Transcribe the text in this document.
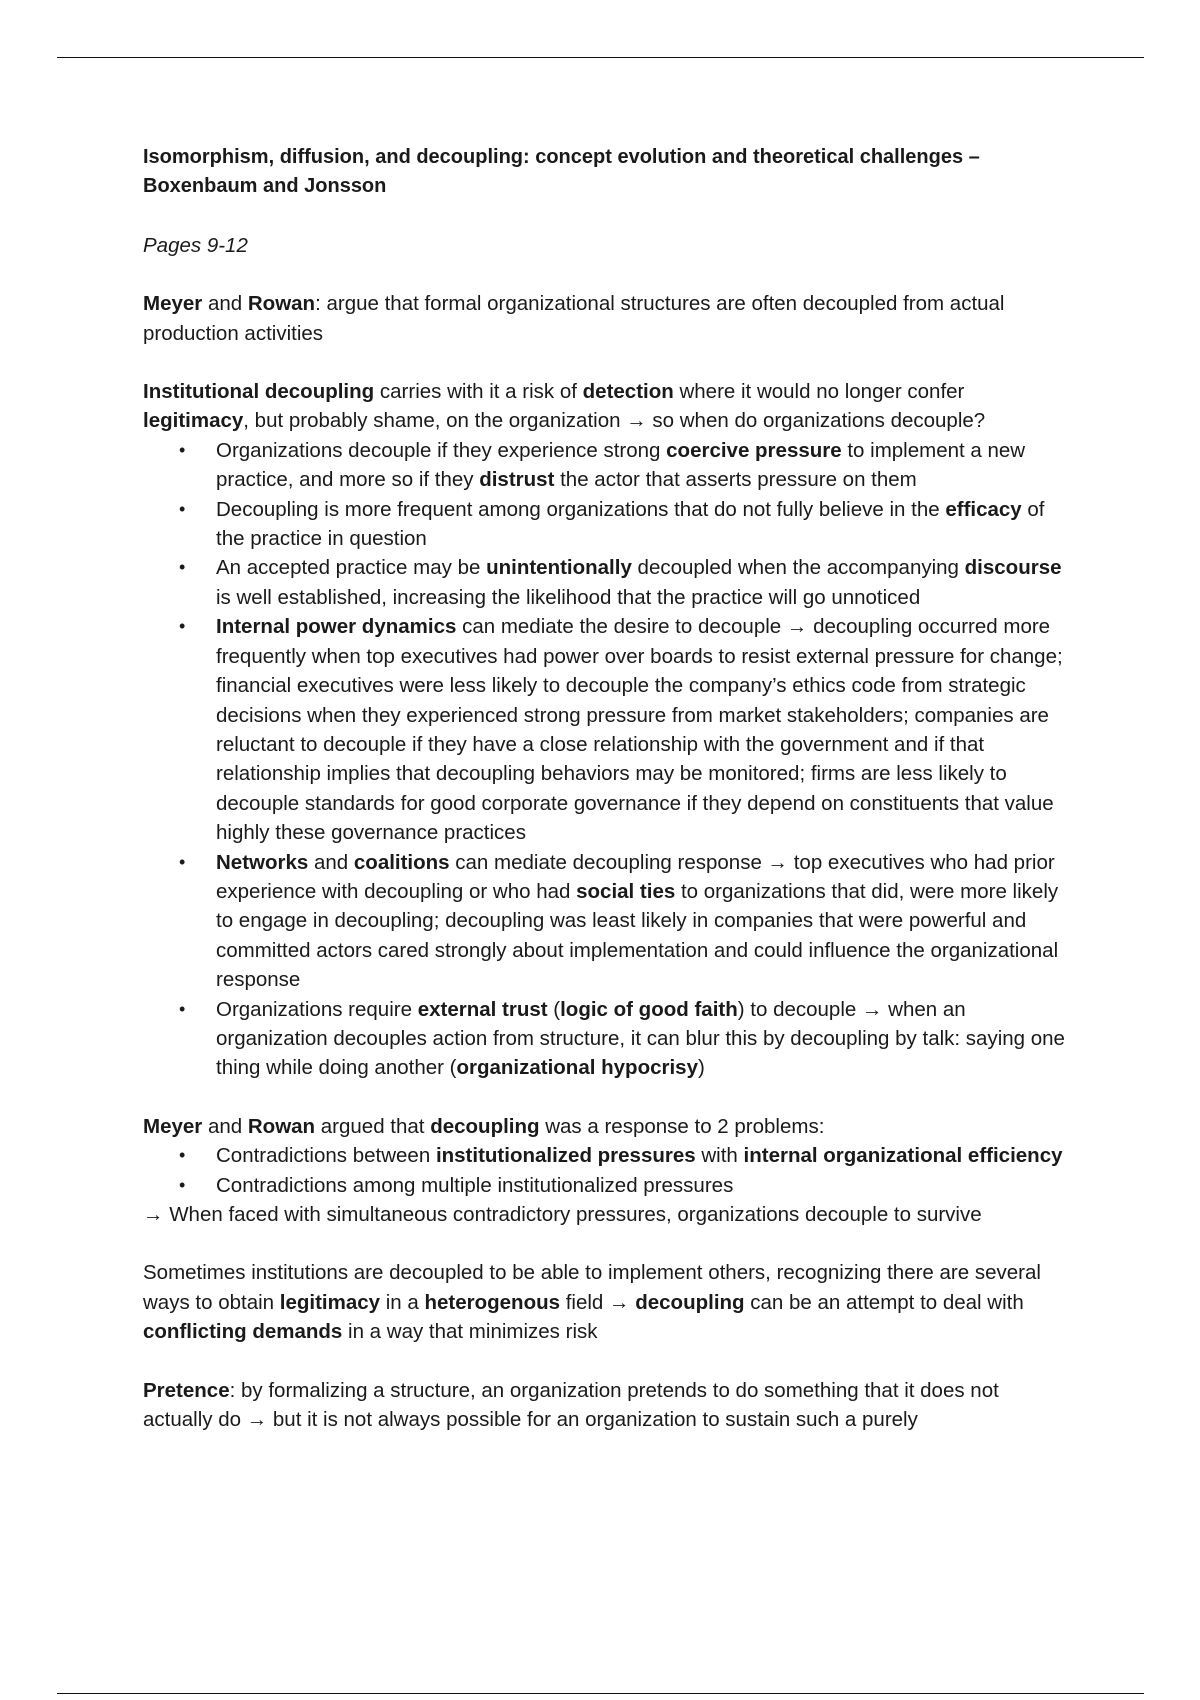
Isomorphism, diffusion, and decoupling: concept evolution and theoretical challenges – Boxenbaum and Jonsson

Pages 9-12

Meyer and Rowan: argue that formal organizational structures are often decoupled from actual production activities

Institutional decoupling carries with it a risk of detection where it would no longer confer legitimacy, but probably shame, on the organization → so when do organizations decouple?

• Organizations decouple if they experience strong coercive pressure to implement a new practice, and more so if they distrust the actor that asserts pressure on them
• Decoupling is more frequent among organizations that do not fully believe in the efficacy of the practice in question
• An accepted practice may be unintentionally decoupled when the accompanying discourse is well established, increasing the likelihood that the practice will go unnoticed
• Internal power dynamics can mediate the desire to decouple → decoupling occurred more frequently when top executives had power over boards to resist external pressure for change; financial executives were less likely to decouple the company’s ethics code from strategic decisions when they experienced strong pressure from market stakeholders; companies are reluctant to decouple if they have a close relationship with the government and if that relationship implies that decoupling behaviors may be monitored; firms are less likely to decouple standards for good corporate governance if they depend on constituents that value highly these governance practices
• Networks and coalitions can mediate decoupling response → top executives who had prior experience with decoupling or who had social ties to organizations that did, were more likely to engage in decoupling; decoupling was least likely in companies that were powerful and committed actors cared strongly about implementation and could influence the organizational response
• Organizations require external trust (logic of good faith) to decouple → when an organization decouples action from structure, it can blur this by decoupling by talk: saying one thing while doing another (organizational hypocrisy)

Meyer and Rowan argued that decoupling was a response to 2 problems:

• Contradictions between institutionalized pressures with internal organizational efficiency
• Contradictions among multiple institutionalized pressures

→ When faced with simultaneous contradictory pressures, organizations decouple to survive

Sometimes institutions are decoupled to be able to implement others, recognizing there are several ways to obtain legitimacy in a heterogenous field → decoupling can be an attempt to deal with conflicting demands in a way that minimizes risk

Pretence: by formalizing a structure, an organization pretends to do something that it does not actually do → but it is not always possible for an organization to sustain such a purely
